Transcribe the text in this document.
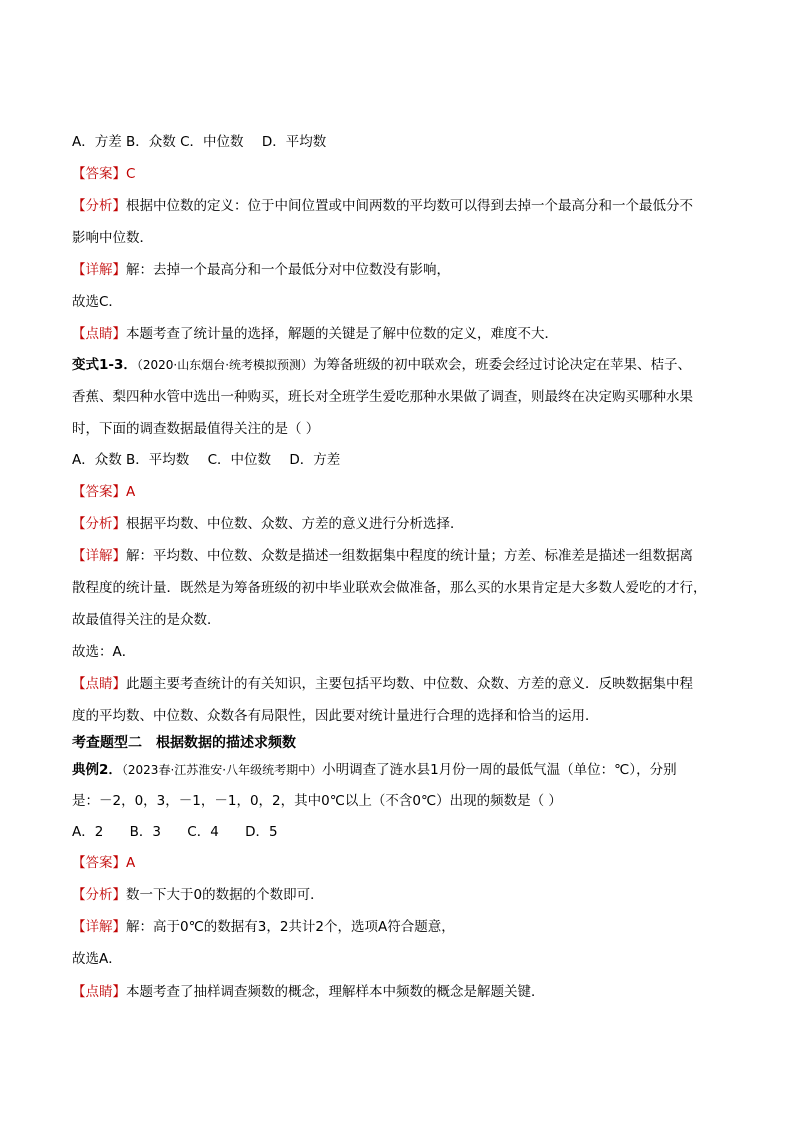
A．方差 B．众数 C．中位数 D．平均数
【答案】C
【分析】根据中位数的定义：位于中间位置或中间两数的平均数可以得到去掉一个最高分和一个最低分不
影响中位数．
【详解】解：去掉一个最高分和一个最低分对中位数没有影响，
故选C．
【点睛】本题考查了统计量的选择，解题的关键是了解中位数的定义，难度不大．
变式1-3．（2020·山东烟台·统考模拟预测）为筹备班级的初中联欢会，班委会经过讨论决定在苹果、桔子、
香蕉、梨四种水管中选出一种购买，班长对全班学生爱吃那种水果做了调查，则最终在决定购买哪种水果
时，下面的调查数据最值得关注的是（ ）
A．众数 B．平均数 C．中位数 D．方差
【答案】A
【分析】根据平均数、中位数、众数、方差的意义进行分析选择．
【详解】解：平均数、中位数、众数是描述一组数据集中程度的统计量；方差、标准差是描述一组数据离
散程度的统计量．既然是为筹备班级的初中毕业联欢会做准备，那么买的水果肯定是大多数人爱吃的才行，
故最值得关注的是众数．
故选：A．
【点睛】此题主要考查统计的有关知识，主要包括平均数、中位数、众数、方差的意义．反映数据集中程
度的平均数、中位数、众数各有局限性，因此要对统计量进行合理的选择和恰当的运用．
考查题型二　根据数据的描述求频数
典例2．（2023春·江苏淮安·八年级统考期中）小明调查了涟水县1月份一周的最低气温（单位：℃），分别
是：－2，0，3，－1，－1，0，2，其中0℃以上（不含0℃）出现的频数是（ ）
A．2 B．3 C．4 D．5
【答案】A
【分析】数一下大于0的数据的个数即可．
【详解】解：高于0℃的数据有3，2共计2个，选项A符合题意，
故选A．
【点睛】本题考查了抽样调查频数的概念，理解样本中频数的概念是解题关键．
